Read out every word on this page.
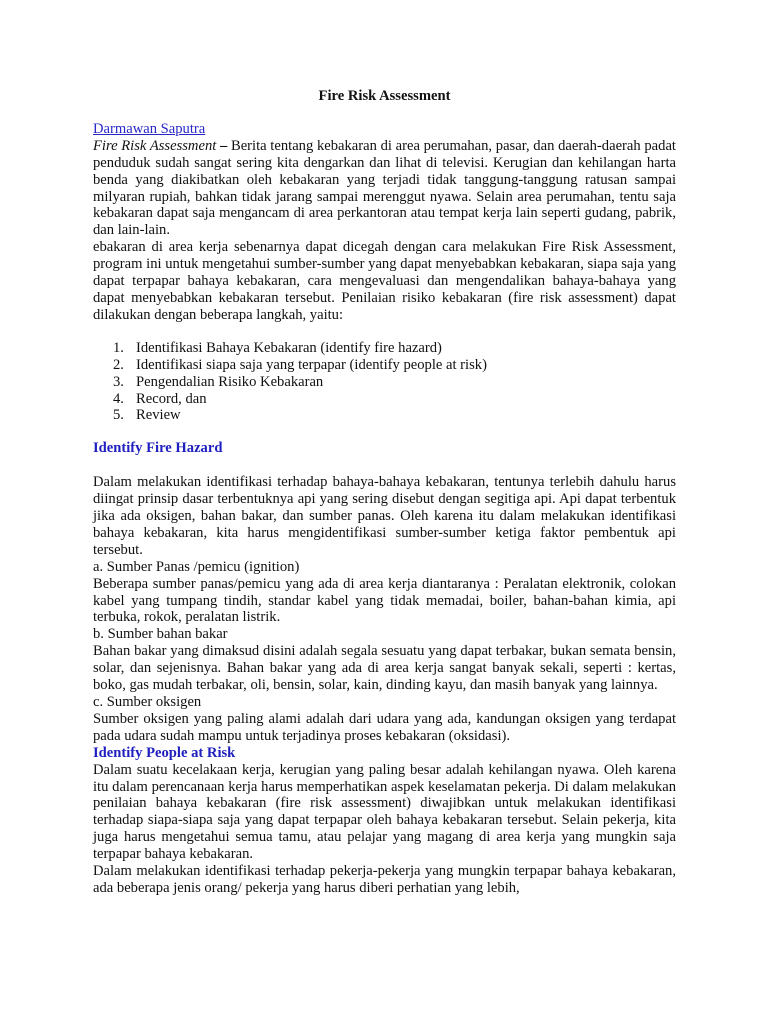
Fire Risk Assessment

Darmawan Saputra

Fire Risk Assessment – Berita tentang kebakaran di area perumahan, pasar, dan daerah-daerah padat penduduk sudah sangat sering kita dengarkan dan lihat di televisi. Kerugian dan kehilangan harta benda yang diakibatkan oleh kebakaran yang terjadi tidak tanggung-tanggung ratusan sampai milyaran rupiah, bahkan tidak jarang sampai merenggut nyawa. Selain area perumahan, tentu saja kebakaran dapat saja mengancam di area perkantoran atau tempat kerja lain seperti gudang, pabrik, dan lain-lain.

ebakaran di area kerja sebenarnya dapat dicegah dengan cara melakukan Fire Risk Assessment, program ini untuk mengetahui sumber-sumber yang dapat menyebabkan kebakaran, siapa saja yang dapat terpapar bahaya kebakaran, cara mengevaluasi dan mengendalikan bahaya-bahaya yang dapat menyebabkan kebakaran tersebut. Penilaian risiko kebakaran (fire risk assessment) dapat dilakukan dengan beberapa langkah, yaitu:

1. Identifikasi Bahaya Kebakaran (identify fire hazard)
2. Identifikasi siapa saja yang terpapar (identify people at risk)
3. Pengendalian Risiko Kebakaran
4. Record, dan
5. Review

Identify Fire Hazard

Dalam melakukan identifikasi terhadap bahaya-bahaya kebakaran, tentunya terlebih dahulu harus diingat prinsip dasar terbentuknya api yang sering disebut dengan segitiga api. Api dapat terbentuk jika ada oksigen, bahan bakar, dan sumber panas. Oleh karena itu dalam melakukan identifikasi bahaya kebakaran, kita harus mengidentifikasi sumber-sumber ketiga faktor pembentuk api tersebut.

a. Sumber Panas /pemicu (ignition)

Beberapa sumber panas/pemicu yang ada di area kerja diantaranya : Peralatan elektronik, colokan kabel yang tumpang tindih, standar kabel yang tidak memadai, boiler, bahan-bahan kimia, api terbuka, rokok, peralatan listrik.

b. Sumber bahan bakar

Bahan bakar yang dimaksud disini adalah segala sesuatu yang dapat terbakar, bukan semata bensin, solar, dan sejenisnya. Bahan bakar yang ada di area kerja sangat banyak sekali, seperti : kertas, boko, gas mudah terbakar, oli, bensin, solar, kain, dinding kayu, dan masih banyak yang lainnya.

c. Sumber oksigen

Sumber oksigen yang paling alami adalah dari udara yang ada, kandungan oksigen yang terdapat pada udara sudah mampu untuk terjadinya proses kebakaran (oksidasi).

Identify People at Risk

Dalam suatu kecelakaan kerja, kerugian yang paling besar adalah kehilangan nyawa. Oleh karena itu dalam perencanaan kerja harus memperhatikan aspek keselamatan pekerja. Di dalam melakukan penilaian bahaya kebakaran (fire risk assessment) diwajibkan untuk melakukan identifikasi terhadap siapa-siapa saja yang dapat terpapar oleh bahaya kebakaran tersebut. Selain pekerja, kita juga harus mengetahui semua tamu, atau pelajar yang magang di area kerja yang mungkin saja terpapar bahaya kebakaran.

Dalam melakukan identifikasi terhadap pekerja-pekerja yang mungkin terpapar bahaya kebakaran, ada beberapa jenis orang/ pekerja yang harus diberi perhatian yang lebih,
